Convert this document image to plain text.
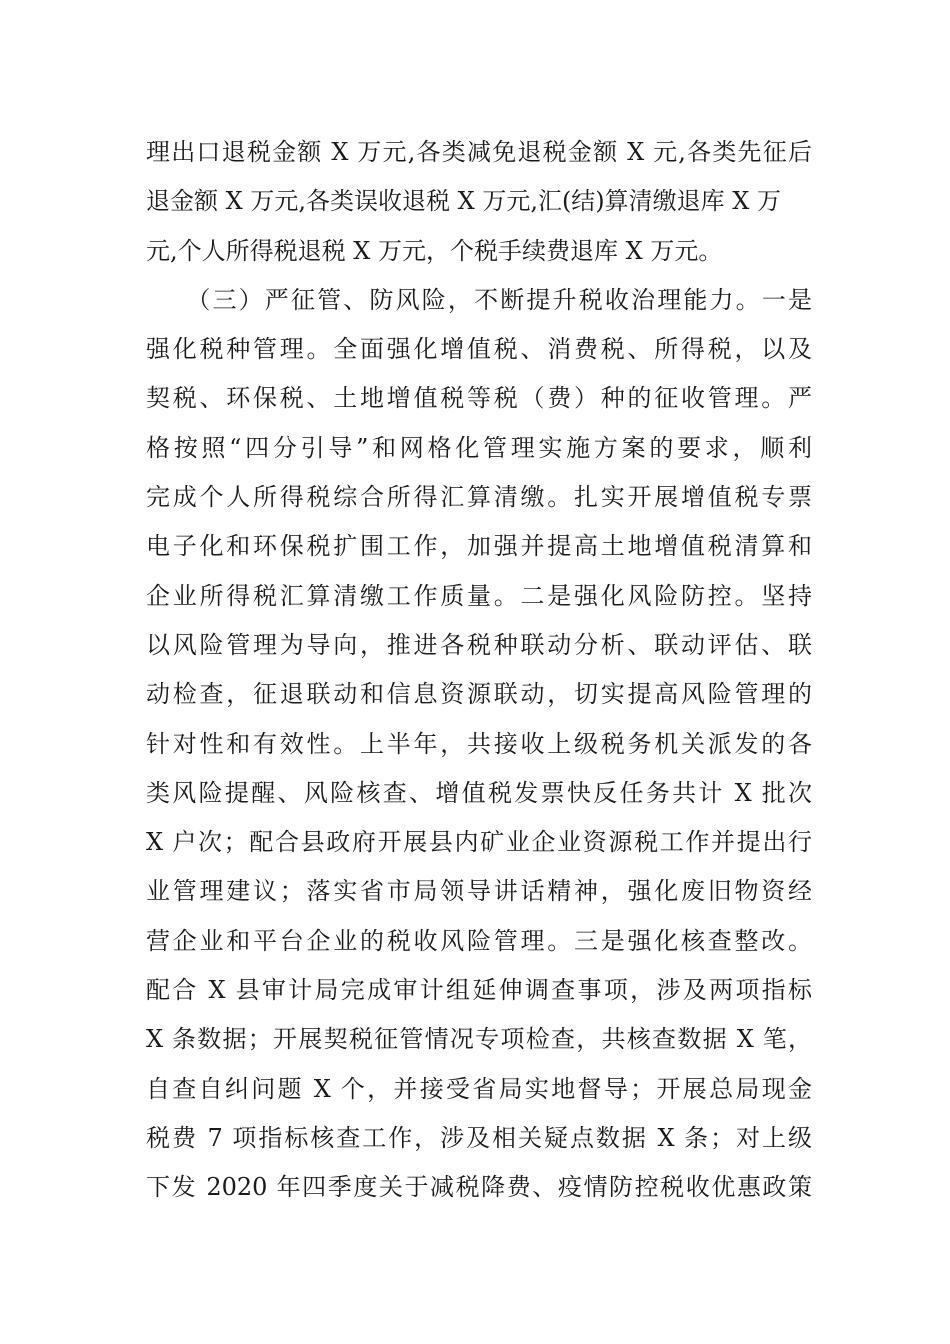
理出口退税金额 X 万元,各类减免退税金额 X 元,各类先征后
退金额 X 万元,各类误收退税 X 万元,汇(结)算清缴退库 X 万
元,个人所得税退税 X 万元，个税手续费退库 X 万元。
　　（三）严征管、防风险，不断提升税收治理能力。一是
强化税种管理。全面强化增值税、消费税、所得税，以及
契税、环保税、土地增值税等税（费）种的征收管理。严
格按照“四分引导”和网格化管理实施方案的要求，顺利
完成个人所得税综合所得汇算清缴。扎实开展增值税专票
电子化和环保税扩围工作，加强并提高土地增值税清算和
企业所得税汇算清缴工作质量。二是强化风险防控。坚持
以风险管理为导向，推进各税种联动分析、联动评估、联
动检查，征退联动和信息资源联动，切实提高风险管理的
针对性和有效性。上半年，共接收上级税务机关派发的各
类风险提醒、风险核查、增值税发票快反任务共计 X 批次
X 户次；配合县政府开展县内矿业企业资源税工作并提出行
业管理建议；落实省市局领导讲话精神，强化废旧物资经
营企业和平台企业的税收风险管理。三是强化核查整改。
配合 X 县审计局完成审计组延伸调查事项，涉及两项指标
X 条数据；开展契税征管情况专项检查，共核查数据 X 笔，
自查自纠问题 X 个，并接受省局实地督导；开展总局现金
税费 7 项指标核查工作，涉及相关疑点数据 X 条；对上级
下发 2020 年四季度关于减税降费、疫情防控税收优惠政策
